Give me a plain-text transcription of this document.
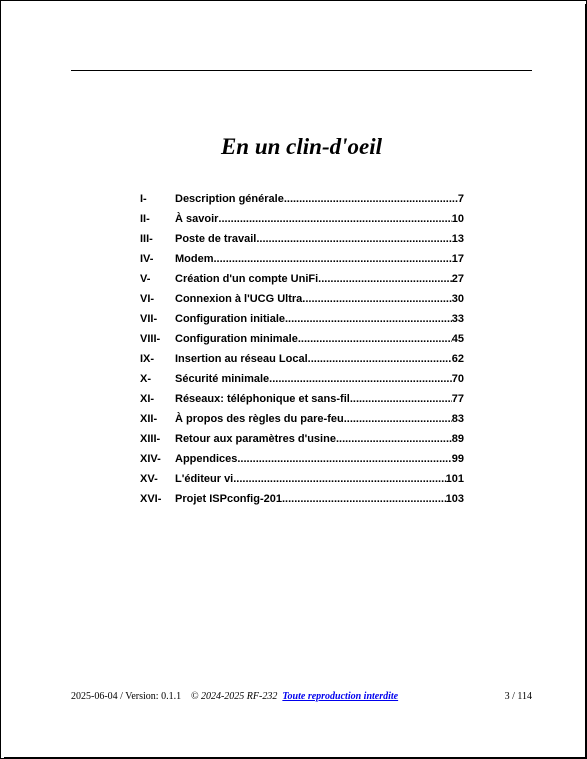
En un clin-d'oeil
I-	Description générale .....	7
II- À savoir .....	10
III- Poste de travail .....	13
IV- Modem .....	17
V- Création d'un compte UniFi .....	27
VI- Connexion à l'UCG Ultra .....	30
VII- Configuration initiale .....	33
VIII- Configuration minimale .....	45
IX- Insertion au réseau Local .....	62
X- Sécurité minimale .....	70
XI- Réseaux: téléphonique et sans-fil .....	77
XII- À propos des règles du pare-feu .....	83
XIII- Retour aux paramètres d'usine .....	89
XIV- Appendices .....	99
XV- L'éditeur vi .....	101
XVI- Projet ISPconfig-201 .....	103
2025-06-04 / Version: 0.1.1 © 2024-2025 RF-232 Toute reproduction interdite	3 / 114
